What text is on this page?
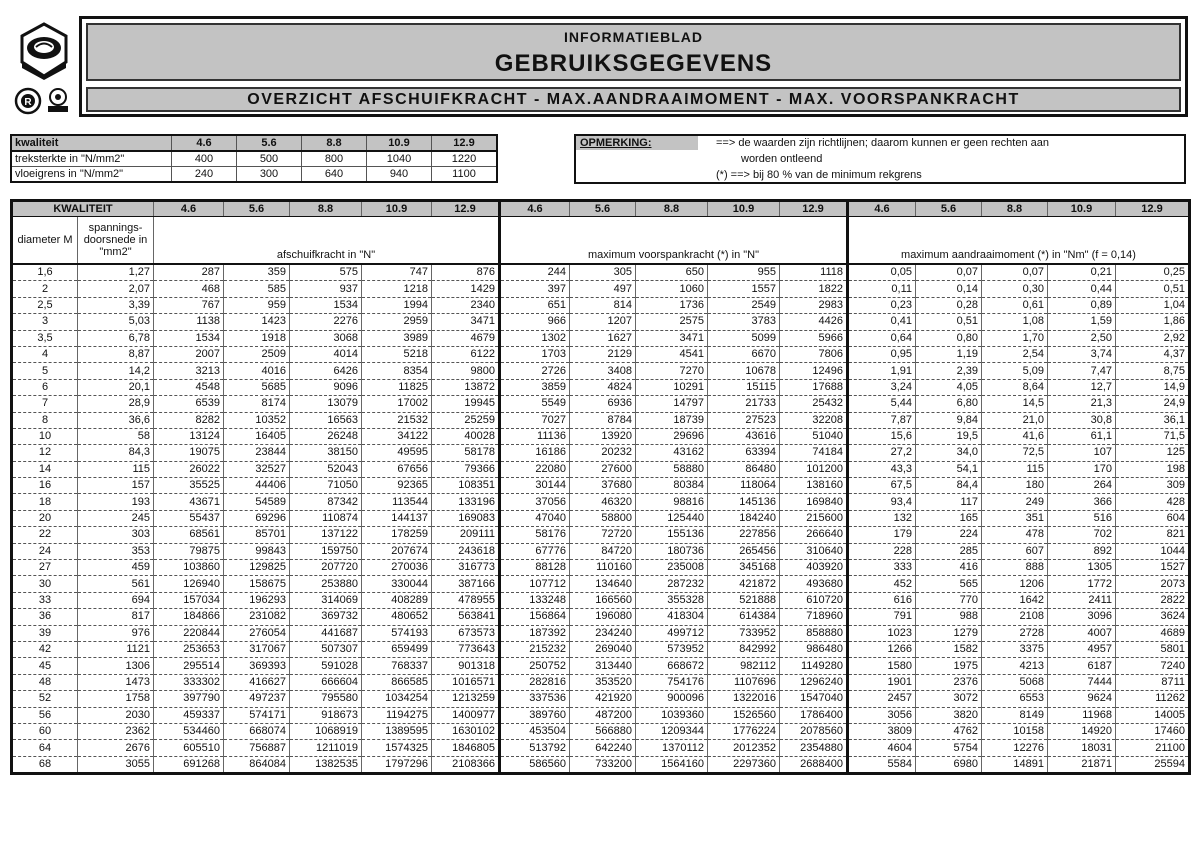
R
INFORMATIEBLAD
GEBRUIKSGEGEVENS
OVERZICHT AFSCHUIFKRACHT - MAX.AANDRAAIMOMENT - MAX. VOORSPANKRACHT
kwaliteit	4.6	5.6	8.8	10.9	12.9
treksterkte in "N/mm2"	400	500	800	1040	1220
vloeigrens in "N/mm2"	240	300	640	940	1100
OPMERKING:	==> de waarden zijn richtlijnen; daarom kunnen er geen rechten aan
worden ontleend
(*) ==> bij 80 % van de minimum rekgrens
KWALITEIT		4.6	5.6	8.8	10.9	12.9	4.6	5.6	8.8	10.9	12.9	4.6	5.6	8.8	10.9	12.9
diameter M	spannings-doorsnede in "mm2"	afschuifkracht in "N"					maximum voorspankracht (*) in "N"					maximum aandraaimoment (*) in "Nm" (f = 0,14)				
1,6	1,27	287	359	575	747	876	244	305	650	955	1118	0,05	0,07	0,07	0,21	0,25
2	2,07	468	585	937	1218	1429	397	497	1060	1557	1822	0,11	0,14	0,30	0,44	0,51
2,5	3,39	767	959	1534	1994	2340	651	814	1736	2549	2983	0,23	0,28	0,61	0,89	1,04
3	5,03	1138	1423	2276	2959	3471	966	1207	2575	3783	4426	0,41	0,51	1,08	1,59	1,86
3,5	6,78	1534	1918	3068	3989	4679	1302	1627	3471	5099	5966	0,64	0,80	1,70	2,50	2,92
4	8,87	2007	2509	4014	5218	6122	1703	2129	4541	6670	7806	0,95	1,19	2,54	3,74	4,37
5	14,2	3213	4016	6426	8354	9800	2726	3408	7270	10678	12496	1,91	2,39	5,09	7,47	8,75
6	20,1	4548	5685	9096	11825	13872	3859	4824	10291	15115	17688	3,24	4,05	8,64	12,7	14,9
7	28,9	6539	8174	13079	17002	19945	5549	6936	14797	21733	25432	5,44	6,80	14,5	21,3	24,9
8	36,6	8282	10352	16563	21532	25259	7027	8784	18739	27523	32208	7,87	9,84	21,0	30,8	36,1
10	58	13124	16405	26248	34122	40028	11136	13920	29696	43616	51040	15,6	19,5	41,6	61,1	71,5
12	84,3	19075	23844	38150	49595	58178	16186	20232	43162	63394	74184	27,2	34,0	72,5	107	125
14	115	26022	32527	52043	67656	79366	22080	27600	58880	86480	101200	43,3	54,1	115	170	198
16	157	35525	44406	71050	92365	108351	30144	37680	80384	118064	138160	67,5	84,4	180	264	309
18	193	43671	54589	87342	113544	133196	37056	46320	98816	145136	169840	93,4	117	249	366	428
20	245	55437	69296	110874	144137	169083	47040	58800	125440	184240	215600	132	165	351	516	604
22	303	68561	85701	137122	178259	209111	58176	72720	155136	227856	266640	179	224	478	702	821
24	353	79875	99843	159750	207674	243618	67776	84720	180736	265456	310640	228	285	607	892	1044
27	459	103860	129825	207720	270036	316773	88128	110160	235008	345168	403920	333	416	888	1305	1527
30	561	126940	158675	253880	330044	387166	107712	134640	287232	421872	493680	452	565	1206	1772	2073
33	694	157034	196293	314069	408289	478955	133248	166560	355328	521888	610720	616	770	1642	2411	2822
36	817	184866	231082	369732	480652	563841	156864	196080	418304	614384	718960	791	988	2108	3096	3624
39	976	220844	276054	441687	574193	673573	187392	234240	499712	733952	858880	1023	1279	2728	4007	4689
42	1121	253653	317067	507307	659499	773643	215232	269040	573952	842992	986480	1266	1582	3375	4957	5801
45	1306	295514	369393	591028	768337	901318	250752	313440	668672	982112	1149280	1580	1975	4213	6187	7240
48	1473	333302	416627	666604	866585	1016571	282816	353520	754176	1107696	1296240	1901	2376	5068	7444	8711
52	1758	397790	497237	795580	1034254	1213259	337536	421920	900096	1322016	1547040	2457	3072	6553	9624	11262
56	2030	459337	574171	918673	1194275	1400977	389760	487200	1039360	1526560	1786400	3056	3820	8149	11968	14005
60	2362	534460	668074	1068919	1389595	1630102	453504	566880	1209344	1776224	2078560	3809	4762	10158	14920	17460
64	2676	605510	756887	1211019	1574325	1846805	513792	642240	1370112	2012352	2354880	4604	5754	12276	18031	21100
68	3055	691268	864084	1382535	1797296	2108366	586560	733200	1564160	2297360	2688400	5584	6980	14891	21871	25594
